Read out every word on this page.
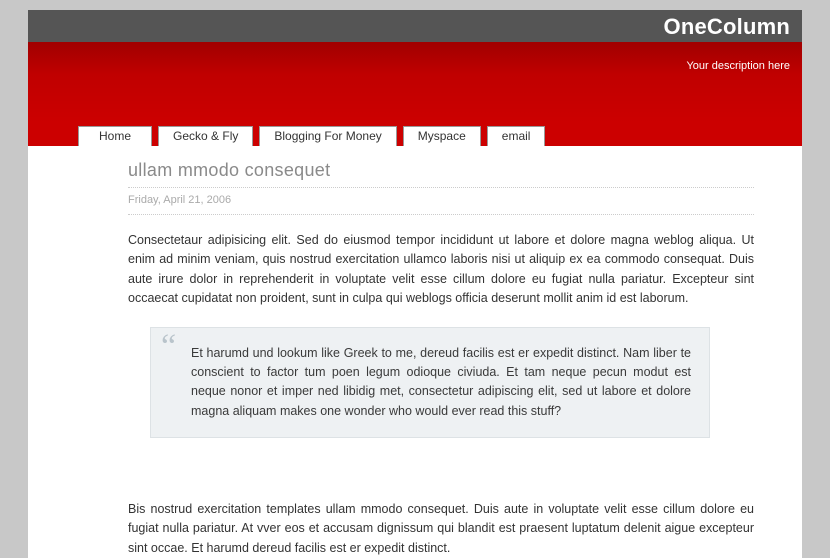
OneColumn
Your description here
Home	Gecko & Fly	Blogging For Money	Myspace	email
ullam mmodo consequet
Friday, April 21, 2006

Consectetaur adipisicing elit. Sed do eiusmod tempor incididunt ut labore et dolore magna weblog aliqua. Ut enim ad minim veniam, quis nostrud exercitation ullamco laboris nisi ut aliquip ex ea commodo consequat. Duis aute irure dolor in reprehenderit in voluptate velit esse cillum dolore eu fugiat nulla pariatur. Excepteur sint occaecat cupidatat non proident, sunt in culpa qui weblogs officia deserunt mollit anim id est laborum.

“ Et harumd und lookum like Greek to me, dereud facilis est er expedit distinct. Nam liber te conscient to factor tum poen legum odioque civiuda. Et tam neque pecun modut est neque nonor et imper ned libidig met, consectetur adipiscing elit, sed ut labore et dolore magna aliquam makes one wonder who would ever read this stuff?

Bis nostrud exercitation templates ullam mmodo consequet. Duis aute in voluptate velit esse cillum dolore eu fugiat nulla pariatur. At vver eos et accusam dignissum qui blandit est praesent luptatum delenit aigue excepteur sint occae. Et harumd dereud facilis est er expedit distinct.
